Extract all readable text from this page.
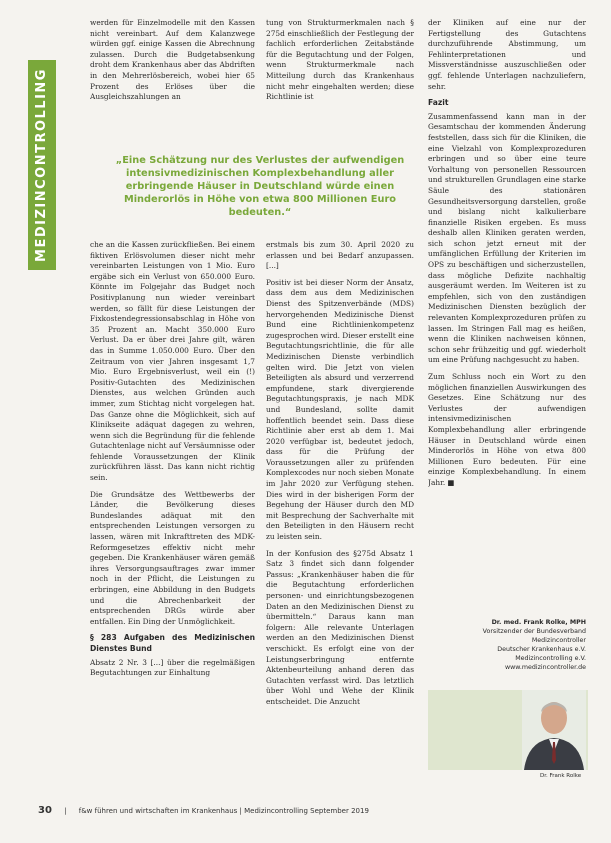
MEDIZINCONTROLLING

werden für Einzelmodelle mit den Kassen nicht vereinbart. Auf dem Kalanzwege würden ggf. einige Kassen die Abrechnung zulassen. Durch die Budgetabsenkung droht dem Krankenhaus aber das Abdriften in den Mehrerlösbereich, wobei hier 65 Prozent des Erlöses über die Ausgleichszahlungen an

tung von Strukturmerkmalen nach § 275d einschließlich der Festlegung der fachlich erforderlichen Zeitabstände für die Begutachtung und der Folgen, wenn Strukturmerkmale nach Mitteilung durch das Krankenhaus nicht mehr eingehalten werden; diese Richtlinie ist

„Eine Schätzung nur des Verlustes der aufwendigen intensivmedizinischen Komplexbehandlung aller erbringende Häuser in Deutschland würde einen Minderorlös in Höhe von etwa 800 Millionen Euro bedeuten.“

che an die Kassen zurückfließen. Bei einem fiktiven Erlösvolumen dieser nicht mehr vereinbarten Leistungen von 1 Mio. Euro ergäbe sich ein Verlust von 650.000 Euro. Könnte im Folgejahr das Budget noch Positivplanung nun wieder vereinbart werden, so fällt für diese Leistungen der Fixkostendegressionsabschlag in Höhe von 35 Prozent an. Macht 350.000 Euro Verlust. Da er über drei Jahre gilt, wären das in Summe 1.050.000 Euro. Über den Zeitraum von vier Jahren insgesamt 1,7 Mio. Euro Ergebnisverlust, weil ein (!) Positiv-Gutachten des Medizinischen Dienstes, aus welchen Gründen auch immer, zum Stichtag nicht vorgelegen hat. Das Ganze ohne die Möglichkeit, sich auf Klinikseite adäquat dagegen zu wehren, wenn sich die Begründung für die fehlende Gutachtenlage nicht auf Versäumnisse oder fehlende Voraussetzungen der Klinik zurückführen lässt. Das kann nicht richtig sein.

Die Grundsätze des Wettbewerbs der Länder, die Bevölkerung dieses Bundeslandes adäquat mit den entsprechenden Leistungen versorgen zu lassen, wären mit Inkrafttreten des MDK-Reformgesetzes effektiv nicht mehr gegeben. Die Krankenhäuser wären gemäß ihres Versorgungsauftrages zwar immer noch in der Pflicht, die Leistungen zu erbringen, eine Abbildung in den Budgets und die Abrechenbarkeit der entsprechenden DRGs würde aber entfallen. Ein Ding der Unmöglichkeit.

§ 283 Aufgaben des Medizinischen Dienstes Bund

Absatz 2 Nr. 3 [...] über die regelmäßigen Begutachtungen zur Einhaltung

erstmals bis zum 30. April 2020 zu erlassen und bei Bedarf anzupassen. [...]

Positiv ist bei dieser Norm der Ansatz, dass dem aus dem Medizinischen Dienst des Spitzenverbände (MDS) hervorgehenden Medizinische Dienst Bund eine Richtlinienkompetenz zugesprochen wird. Dieser erstellt eine Begutachtungsrichtlinie, die für alle Medizinischen Dienste verbindlich gelten wird. Die Jetzt von vielen Beteiligten als absurd und verzerrend empfundene, stark divergierende Begutachtungspraxis, je nach MDK und Bundesland, sollte damit hoffentlich beendet sein. Dass diese Richtlinie aber erst ab dem 1. Mai 2020 verfügbar ist, bedeutet jedoch, dass für die Prüfung der Voraussetzungen aller zu prüfenden Komplexcodes nur noch sieben Monate im Jahr 2020 zur Verfügung stehen. Dies wird in der bisherigen Form der Begehung der Häuser durch den MD mit Besprechung der Sachverhalte mit den Beteiligten in den Häusern recht zu leisten sein.

In der Konfusion des §275d Absatz 1 Satz 3 findet sich dann folgender Passus: „Krankenhäuser haben die für die Begutachtung erforderlichen personen- und einrichtungsbezogenen Daten an den Medizinischen Dienst zu übermitteln.“ Daraus kann man folgern: Alle relevante Unterlagen werden an den Medizinischen Dienst verschickt. Es erfolgt eine von der Leistungserbringung entfernte Aktenbeurteilung anhand deren das Gutachten verfasst wird. Das letztlich über Wohl und Wehe der Klinik entscheidet. Die Anzucht

der Kliniken auf eine nur der Fertigstellung des Gutachtens durchzuführende Abstimmung, um Fehlinterpretationen und Missverständnisse auszuschließen oder ggf. fehlende Unterlagen nachzuliefern, sehr.

Fazit

Zusammenfassend kann man in der Gesamtschau der kommenden Änderung feststellen, dass sich für die Kliniken, die eine Vielzahl von Komplexprozeduren erbringen und so über eine teure Vorhaltung von personellen Ressourcen und strukturellen Grundlagen eine starke Säule des stationären Gesundheitsversorgung darstellen, große und bislang nicht kalkulierbare finanzielle Risiken ergeben. Es muss deshalb allen Kliniken geraten werden, sich schon jetzt erneut mit der umfänglichen Erfüllung der Kriterien im OPS zu beschäftigen und sicherzustellen, dass mögliche Defizite nachhaltig ausgeräumt werden. Im Weiteren ist zu empfehlen, sich von den zuständigen Medizinischen Diensten bezüglich der relevanten Komplexprozeduren prüfen zu lassen. Im Stringen Fall mag es heißen, wenn die Kliniken nachweisen können, schon sehr frühzeitig und ggf. wiederholt um eine Prüfung nachgesucht zu haben.

Zum Schluss noch ein Wort zu den möglichen finanziellen Auswirkungen des Gesetzes. Eine Schätzung nur des Verlustes der aufwendigen intensivmedizinischen Komplexbehandlung aller erbringende Häuser in Deutschland würde einen Minderorlös in Höhe von etwa 800 Millionen Euro bedeuten. Für eine einzige Komplexbehandlung. In einem Jahr. ■

Dr. med. Frank Rolke, MPH
Vorsitzender der Bundesverband Medizincontroller
Deutscher Krankenhaus e.V.
Medizincontrolling e.V.
www.medizincontroller.de
Dr. Frank Rolke
30 | f&w führen und wirtschaften im Krankenhaus | Medizincontrolling September 2019
